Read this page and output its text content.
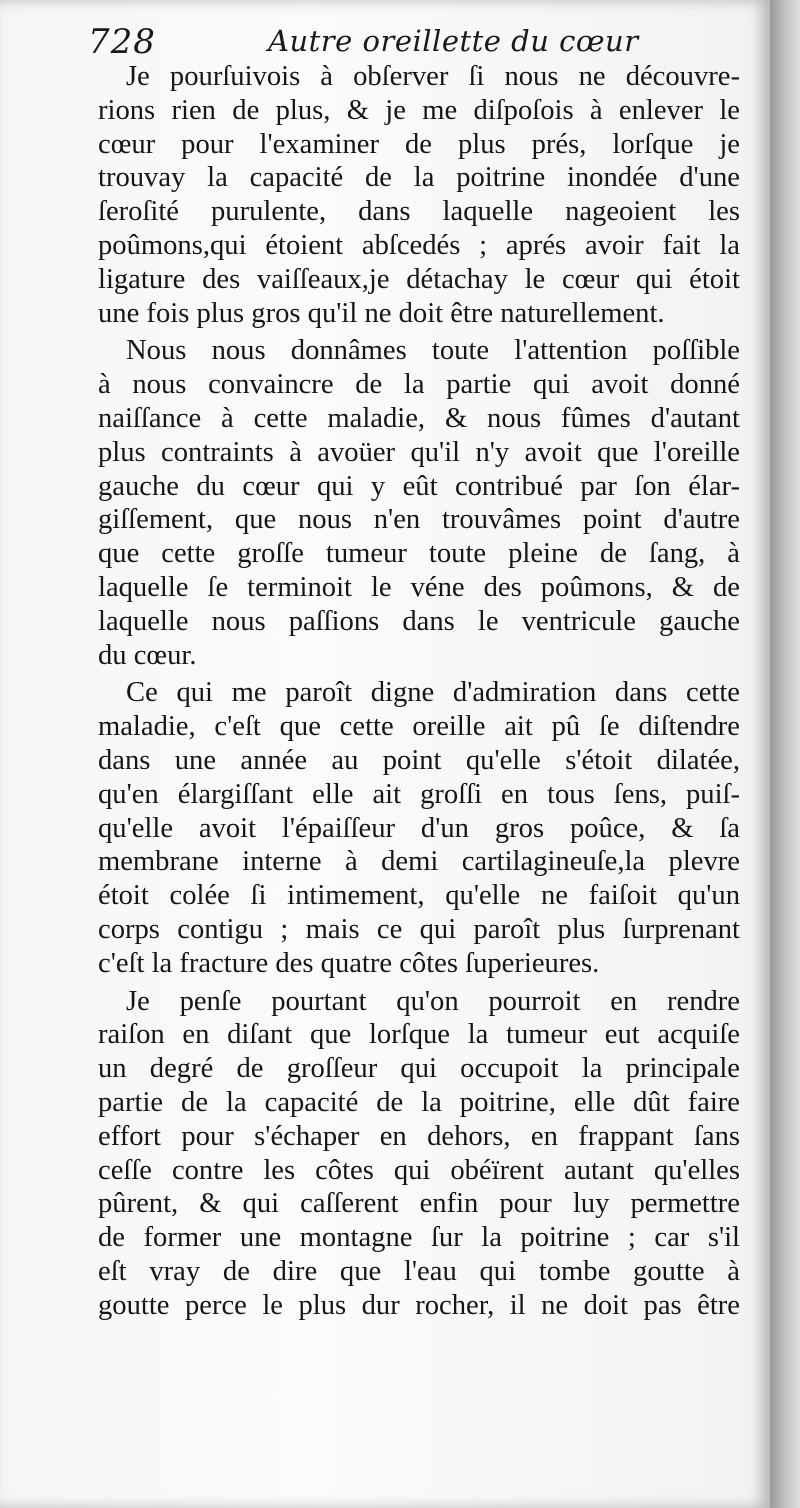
728	Autre oreillette du cœur
Je pourſuivois à obſerver ſi nous ne découvre-
rions rien de plus, & je me diſpoſois à enlever le
cœur pour l'examiner de plus prés, lorſque je
trouvay la capacité de la poitrine inondée d'une
ſeroſité purulente, dans laquelle nageoient les
poûmons,qui étoient abſcedés ; aprés avoir fait la
ligature des vaiſſeaux,je détachay le cœur qui étoit
une fois plus gros qu'il ne doit être naturellement.
Nous nous donnâmes toute l'attention poſſible
à nous convaincre de la partie qui avoit donné
naiſſance à cette maladie, & nous fûmes d'autant
plus contraints à avoüer qu'il n'y avoit que l'oreille
gauche du cœur qui y eût contribué par ſon élar-
giſſement, que nous n'en trouvâmes point d'autre
que cette groſſe tumeur toute pleine de ſang, à
laquelle ſe terminoit le véne des poûmons, & de
laquelle nous paſſions dans le ventricule gauche
du cœur.
Ce qui me paroît digne d'admiration dans cette
maladie, c'eſt que cette oreille ait pû ſe diſtendre
dans une année au point qu'elle s'étoit dilatée,
qu'en élargiſſant elle ait groſſi en tous ſens, puiſ-
qu'elle avoit l'épaiſſeur d'un gros poûce, & ſa
membrane interne à demi cartilagineuſe,la plevre
étoit colée ſi intimement, qu'elle ne faiſoit qu'un
corps contigu ; mais ce qui paroît plus ſurprenant
c'eſt la fracture des quatre côtes ſuperieures.
Je penſe pourtant qu'on pourroit en rendre
raiſon en diſant que lorſque la tumeur eut acquiſe
un degré de groſſeur qui occupoit la principale
partie de la capacité de la poitrine, elle dût faire
effort pour s'échaper en dehors, en frappant ſans
ceſſe contre les côtes qui obéïrent autant qu'elles
pûrent, & qui caſſerent enfin pour luy permettre
de former une montagne ſur la poitrine ; car s'il
eſt vray de dire que l'eau qui tombe goutte à
goutte perce le plus dur rocher, il ne doit pas être
